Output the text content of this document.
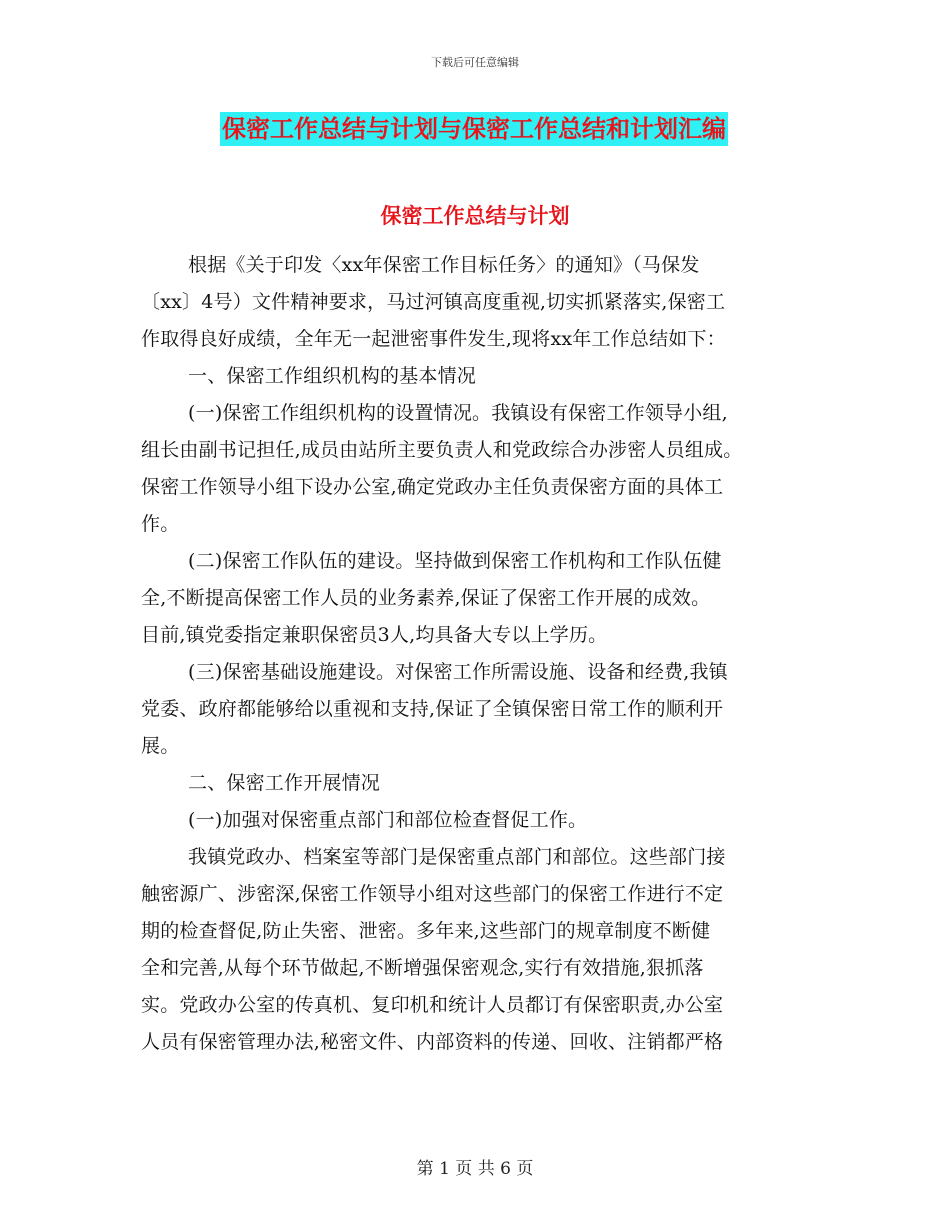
下载后可任意编辑
保密工作总结与计划与保密工作总结和计划汇编
保密工作总结与计划
根据《关于印发〈xx年保密工作目标任务〉的通知》（马保发
〔xx〕4号）文件精神要求，马过河镇高度重视,切实抓紧落实,保密工
作取得良好成绩，全年无一起泄密事件发生,现将xx年工作总结如下：
一、保密工作组织机构的基本情况
(一)保密工作组织机构的设置情况。我镇设有保密工作领导小组,
组长由副书记担任,成员由站所主要负责人和党政综合办涉密人员组成。
保密工作领导小组下设办公室,确定党政办主任负责保密方面的具体工
作。
(二)保密工作队伍的建设。坚持做到保密工作机构和工作队伍健
全,不断提高保密工作人员的业务素养,保证了保密工作开展的成效。
目前,镇党委指定兼职保密员3人,均具备大专以上学历。
(三)保密基础设施建设。对保密工作所需设施、设备和经费,我镇
党委、政府都能够给以重视和支持,保证了全镇保密日常工作的顺利开
展。
二、保密工作开展情况
(一)加强对保密重点部门和部位检查督促工作。
我镇党政办、档案室等部门是保密重点部门和部位。这些部门接
触密源广、涉密深,保密工作领导小组对这些部门的保密工作进行不定
期的检查督促,防止失密、泄密。多年来,这些部门的规章制度不断健
全和完善,从每个环节做起,不断增强保密观念,实行有效措施,狠抓落
实。党政办公室的传真机、复印机和统计人员都订有保密职责,办公室
人员有保密管理办法,秘密文件、内部资料的传递、回收、注销都严格
第 1 页 共 6 页
